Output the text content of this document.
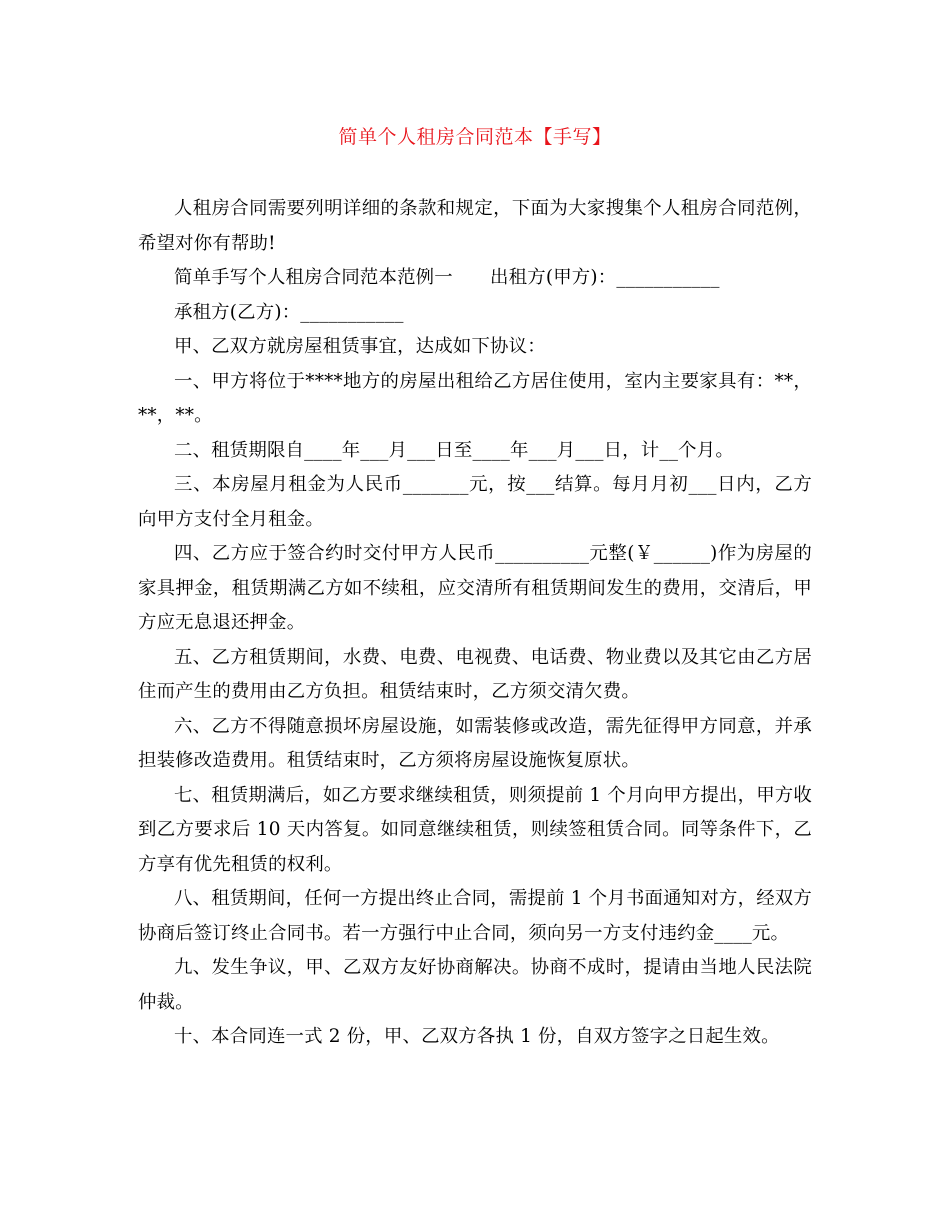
简单个人租房合同范本【手写】

人租房合同需要列明详细的条款和规定，下面为大家搜集个人租房合同范例，希望对你有帮助!

简单手写个人租房合同范本范例一　　出租方(甲方)：___________

承租方(乙方)：___________

甲、乙双方就房屋租赁事宜，达成如下协议：

一、甲方将位于****地方的房屋出租给乙方居住使用，室内主要家具有：**，**，**。

二、租赁期限自____年___月___日至____年___月___日，计__个月。

三、本房屋月租金为人民币_______元，按___结算。每月月初___日内，乙方向甲方支付全月租金。

四、乙方应于签合约时交付甲方人民币__________元整(￥______)作为房屋的家具押金，租赁期满乙方如不续租，应交清所有租赁期间发生的费用，交清后，甲方应无息退还押金。

五、乙方租赁期间，水费、电费、电视费、电话费、物业费以及其它由乙方居住而产生的费用由乙方负担。租赁结束时，乙方须交清欠费。

六、乙方不得随意损坏房屋设施，如需装修或改造，需先征得甲方同意，并承担装修改造费用。租赁结束时，乙方须将房屋设施恢复原状。

七、租赁期满后，如乙方要求继续租赁，则须提前 1 个月向甲方提出，甲方收到乙方要求后 10 天内答复。如同意继续租赁，则续签租赁合同。同等条件下，乙方享有优先租赁的权利。

八、租赁期间，任何一方提出终止合同，需提前 1 个月书面通知对方，经双方协商后签订终止合同书。若一方强行中止合同，须向另一方支付违约金____元。

九、发生争议，甲、乙双方友好协商解决。协商不成时，提请由当地人民法院仲裁。

十、本合同连一式 2 份，甲、乙双方各执 1 份，自双方签字之日起生效。
